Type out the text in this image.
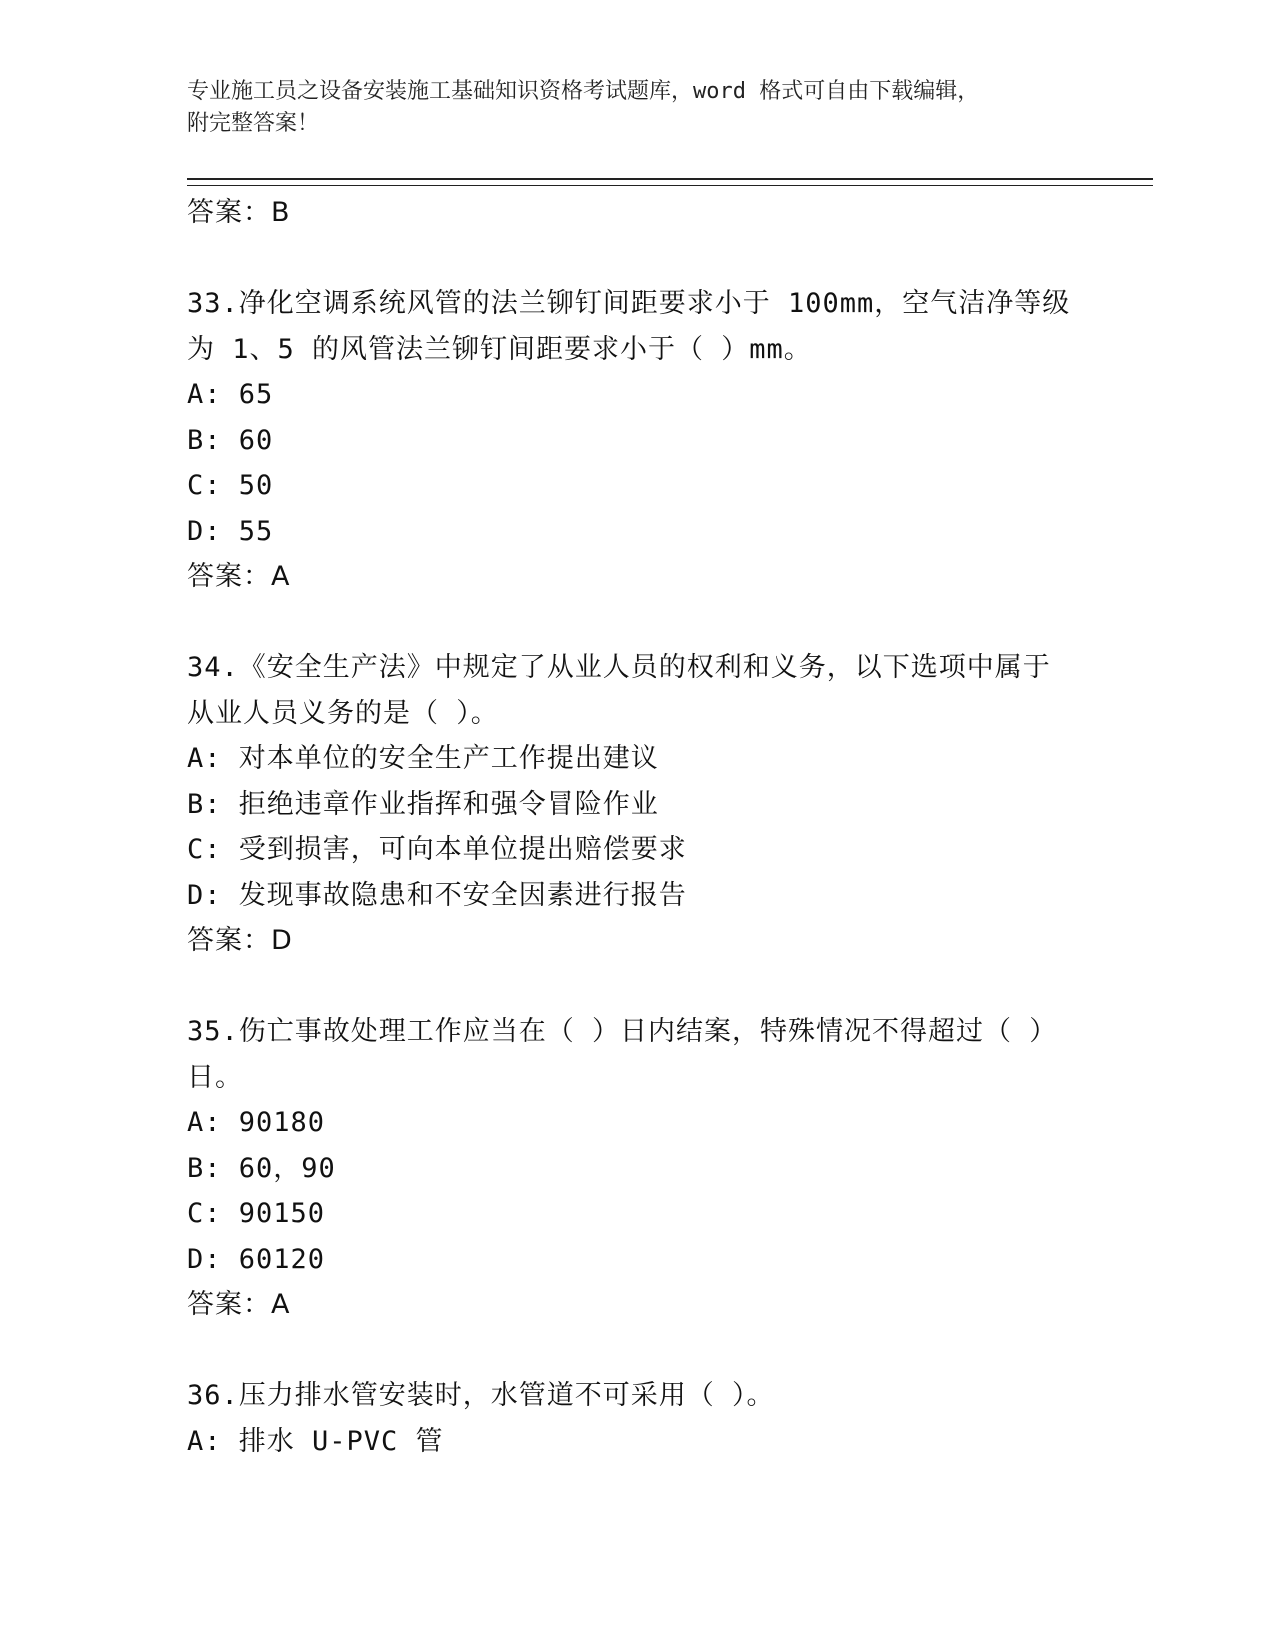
专业施工员之设备安装施工基础知识资格考试题库，word 格式可自由下载编辑，
附完整答案！
答案：B
33.净化空调系统风管的法兰铆钉间距要求小于 100mm，空气洁净等级
为 1、5 的风管法兰铆钉间距要求小于（ ）mm。
A: 65
B: 60
C: 50
D: 55
答案：A
34.《安全生产法》中规定了从业人员的权利和义务，以下选项中属于
从业人员义务的是（ ）。
A: 对本单位的安全生产工作提出建议
B: 拒绝违章作业指挥和强令冒险作业
C: 受到损害，可向本单位提出赔偿要求
D: 发现事故隐患和不安全因素进行报告
答案：D
35.伤亡事故处理工作应当在（ ）日内结案，特殊情况不得超过（ ）
日。
A: 90180
B: 60，90
C: 90150
D: 60120
答案：A
36.压力排水管安装时，水管道不可采用（ ）。
A: 排水 U-PVC 管
